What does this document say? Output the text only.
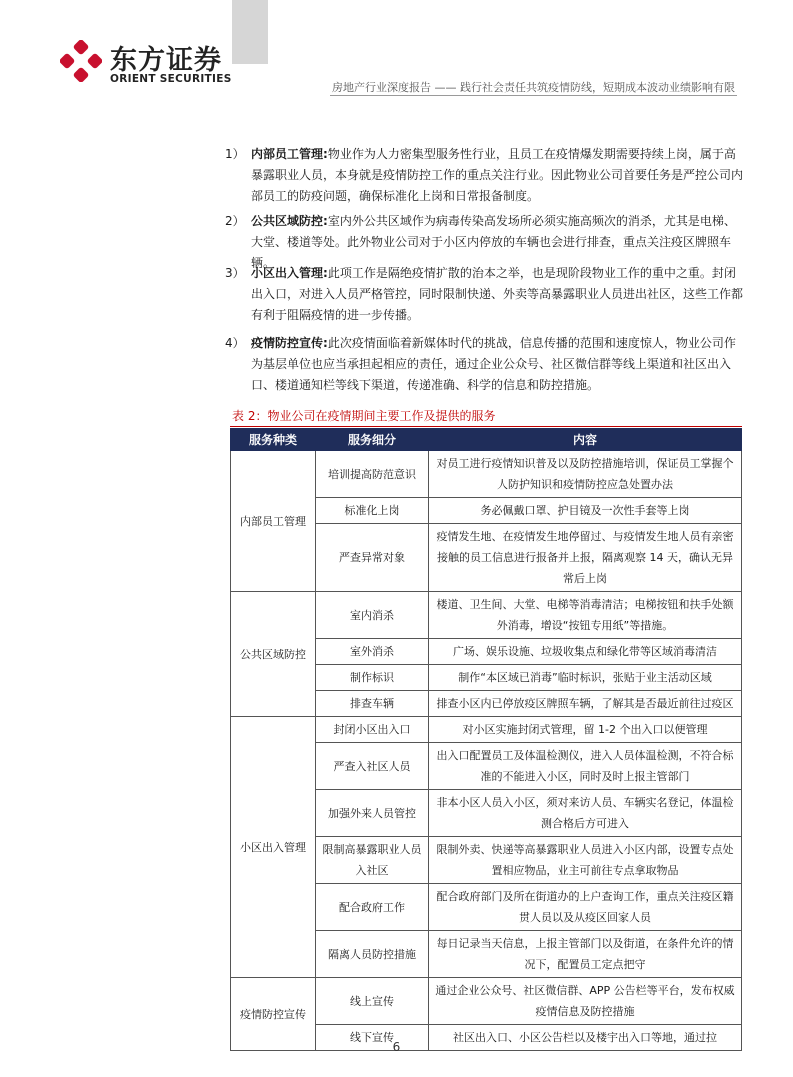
东方证券
ORIENT SECURITIES
房地产行业深度报告 —— 践行社会责任共筑疫情防线，短期成本波动业绩影响有限
1） 内部员工管理:物业作为人力密集型服务性行业，且员工在疫情爆发期需要持续上岗，属于高暴露职业人员，本身就是疫情防控工作的重点关注行业。因此物业公司首要任务是严控公司内部员工的防疫问题，确保标准化上岗和日常报备制度。
2） 公共区域防控:室内外公共区域作为病毒传染高发场所必须实施高频次的消杀，尤其是电梯、大堂、楼道等处。此外物业公司对于小区内停放的车辆也会进行排查，重点关注疫区牌照车辆。
3） 小区出入管理:此项工作是隔绝疫情扩散的治本之举，也是现阶段物业工作的重中之重。封闭出入口，对进入人员严格管控，同时限制快递、外卖等高暴露职业人员进出社区，这些工作都有利于阻隔疫情的进一步传播。
4） 疫情防控宣传:此次疫情面临着新媒体时代的挑战，信息传播的范围和速度惊人，物业公司作为基层单位也应当承担起相应的责任，通过企业公众号、社区微信群等线上渠道和社区出入口、楼道通知栏等线下渠道，传递准确、科学的信息和防控措施。
表 2：物业公司在疫情期间主要工作及提供的服务
服务种类	服务细分	内容
内部员工管理	培训提高防范意识	对员工进行疫情知识普及以及防控措施培训，保证员工掌握个人防护知识和疫情防控应急处置办法
	标准化上岗	务必佩戴口罩、护目镜及一次性手套等上岗
	严查异常对象	疫情发生地、在疫情发生地停留过、与疫情发生地人员有亲密接触的员工信息进行报备并上报，隔离观察 14 天，确认无异常后上岗
公共区域防控	室内消杀	楼道、卫生间、大堂、电梯等消毒清洁；电梯按钮和扶手处额外消毒，增设“按钮专用纸”等措施。
	室外消杀	广场、娱乐设施、垃圾收集点和绿化带等区域消毒清洁
	制作标识	制作“本区域已消毒”临时标识，张贴于业主活动区域
	排查车辆	排查小区内已停放疫区牌照车辆，了解其是否最近前往过疫区
小区出入管理	封闭小区出入口	对小区实施封闭式管理，留 1-2 个出入口以便管理
	严查入社区人员	出入口配置员工及体温检测仪，进入人员体温检测，不符合标准的不能进入小区，同时及时上报主管部门
	加强外来人员管控	非本小区人员入小区，须对来访人员、车辆实名登记，体温检测合格后方可进入
	限制高暴露职业人员入社区	限制外卖、快递等高暴露职业人员进入小区内部，设置专点处置相应物品，业主可前往专点拿取物品
	配合政府工作	配合政府部门及所在街道办的上户查询工作，重点关注疫区籍贯人员以及从疫区回家人员
	隔离人员防控措施	每日记录当天信息，上报主管部门以及街道，在条件允许的情况下，配置员工定点把守
疫情防控宣传	线上宣传	通过企业公众号、社区微信群、APP 公告栏等平台，发布权威疫情信息及防控措施
	线下宣传	社区出入口、小区公告栏以及楼宇出入口等地，通过拉
6
